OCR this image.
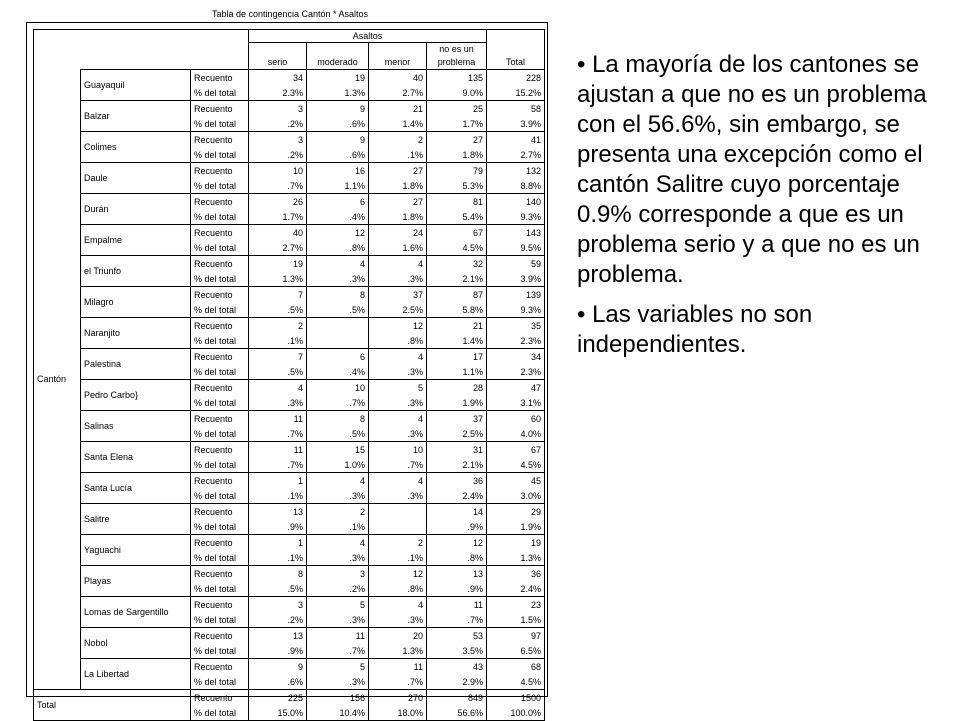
Tabla de contingencia Cantón * Asaltos
			Asaltos				
						no es un	
			serio	moderado	menor	problema	Total
Cantón	Guayaquil	Recuento	34	19	40	135	228
		% del total	2.3%	1.3%	2.7%	9.0%	15.2%
	Balzar	Recuento	3	9	21	25	58
		% del total	.2%	.6%	1.4%	1.7%	3.9%
	Colimes	Recuento	3	9	2	27	41
		% del total	.2%	.6%	.1%	1.8%	2.7%
	Daule	Recuento	10	16	27	79	132
		% del total	.7%	1.1%	1.8%	5.3%	8.8%
	Durán	Recuento	26	6	27	81	140
		% del total	1.7%	.4%	1.8%	5.4%	9.3%
	Empalme	Recuento	40	12	24	67	143
		% del total	2.7%	.8%	1.6%	4.5%	9.5%
	el Triunfo	Recuento	19	4	4	32	59
		% del total	1.3%	.3%	.3%	2.1%	3.9%
	Milagro	Recuento	7	8	37	87	139
		% del total	.5%	.5%	2.5%	5.8%	9.3%
	Naranjito	Recuento	2		12	21	35
		% del total	.1%		.8%	1.4%	2.3%
	Palestina	Recuento	7	6	4	17	34
		% del total	.5%	.4%	.3%	1.1%	2.3%
	Pedro Carbo}	Recuento	4	10	5	28	47
		% del total	.3%	.7%	.3%	1.9%	3.1%
	Salinas	Recuento	11	8	4	37	60
		% del total	.7%	.5%	.3%	2.5%	4.0%
	Santa Elena	Recuento	11	15	10	31	67
		% del total	.7%	1.0%	.7%	2.1%	4.5%
	Santa Lucía	Recuento	1	4	4	36	45
		% del total	.1%	.3%	.3%	2.4%	3.0%
	Salitre	Recuento	13	2		14	29
		% del total	.9%	.1%		.9%	1.9%
	Yaguachi	Recuento	1	4	2	12	19
		% del total	.1%	.3%	.1%	.8%	1.3%
	Playas	Recuento	8	3	12	13	36
		% del total	.5%	.2%	.8%	.9%	2.4%
	Lomas de Sargentillo	Recuento	3	5	4	11	23
		% del total	.2%	.3%	.3%	.7%	1.5%
	Nobol	Recuento	13	11	20	53	97
		% del total	.9%	.7%	1.3%	3.5%	6.5%
	La Libertad	Recuento	9	5	11	43	68
		% del total	.6%	.3%	.7%	2.9%	4.5%
Total		Recuento	225	156	270	849	1500
		% del total	15.0%	10.4%	18.0%	56.6%	100.0%

• La mayoría de los cantones se ajustan a que no es un problema con el 56.6%, sin embargo, se presenta una excepción como el cantón Salitre cuyo porcentaje 0.9% corresponde a que es un problema serio y a que no es un problema.

• Las variables no son independientes.
